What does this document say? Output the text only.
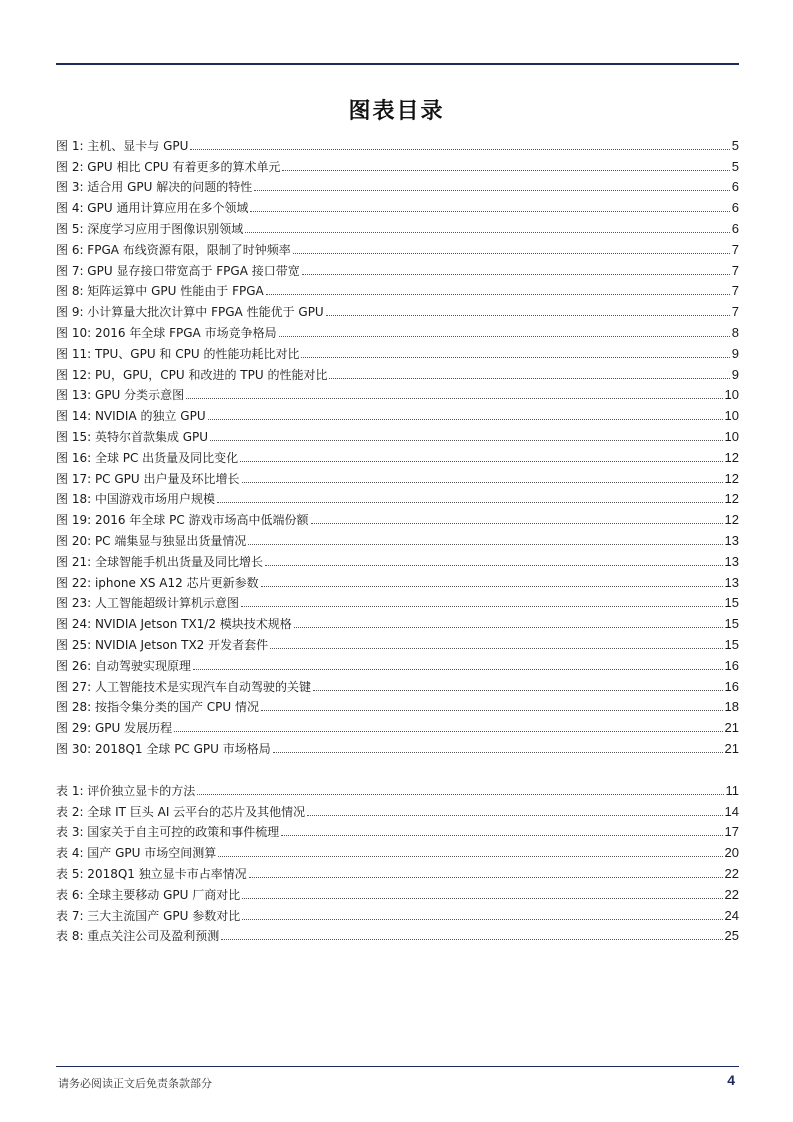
图表目录
图 1: 主机、显卡与 GPU	5
图 2: GPU 相比 CPU 有着更多的算术单元	5
图 3: 适合用 GPU 解决的问题的特性	6
图 4: GPU 通用计算应用在多个领域	6
图 5: 深度学习应用于图像识别领域	6
图 6: FPGA 布线资源有限，限制了时钟频率	7
图 7: GPU 显存接口带宽高于 FPGA 接口带宽	7
图 8: 矩阵运算中 GPU 性能由于 FPGA	7
图 9: 小计算量大批次计算中 FPGA 性能优于 GPU	7
图 10: 2016 年全球 FPGA 市场竞争格局	8
图 11: TPU、GPU 和 CPU 的性能功耗比对比	9
图 12: PU，GPU，CPU 和改进的 TPU 的性能对比	9
图 13: GPU 分类示意图	10
图 14: NVIDIA 的独立 GPU	10
图 15: 英特尔首款集成 GPU	10
图 16: 全球 PC 出货量及同比变化	12
图 17: PC GPU 出户量及环比增长	12
图 18: 中国游戏市场用户规模	12
图 19: 2016 年全球 PC 游戏市场高中低端份额	12
图 20: PC 端集显与独显出货量情况	13
图 21: 全球智能手机出货量及同比增长	13
图 22: iphone XS A12 芯片更新参数	13
图 23: 人工智能超级计算机示意图	15
图 24: NVIDIA Jetson TX1/2 模块技术规格	15
图 25: NVIDIA Jetson TX2 开发者套件	15
图 26: 自动驾驶实现原理	16
图 27: 人工智能技术是实现汽车自动驾驶的关键	16
图 28: 按指令集分类的国产 CPU 情况	18
图 29: GPU 发展历程	21
图 30: 2018Q1 全球 PC GPU 市场格局	21
表 1: 评价独立显卡的方法	11
表 2: 全球 IT 巨头 AI 云平台的芯片及其他情况	14
表 3: 国家关于自主可控的政策和事件梳理	17
表 4: 国产 GPU 市场空间测算	20
表 5: 2018Q1 独立显卡市占率情况	22
表 6: 全球主要移动 GPU 厂商对比	22
表 7: 三大主流国产 GPU 参数对比	24
表 8: 重点关注公司及盈利预测	25
请务必阅读正文后免责条款部分	4
